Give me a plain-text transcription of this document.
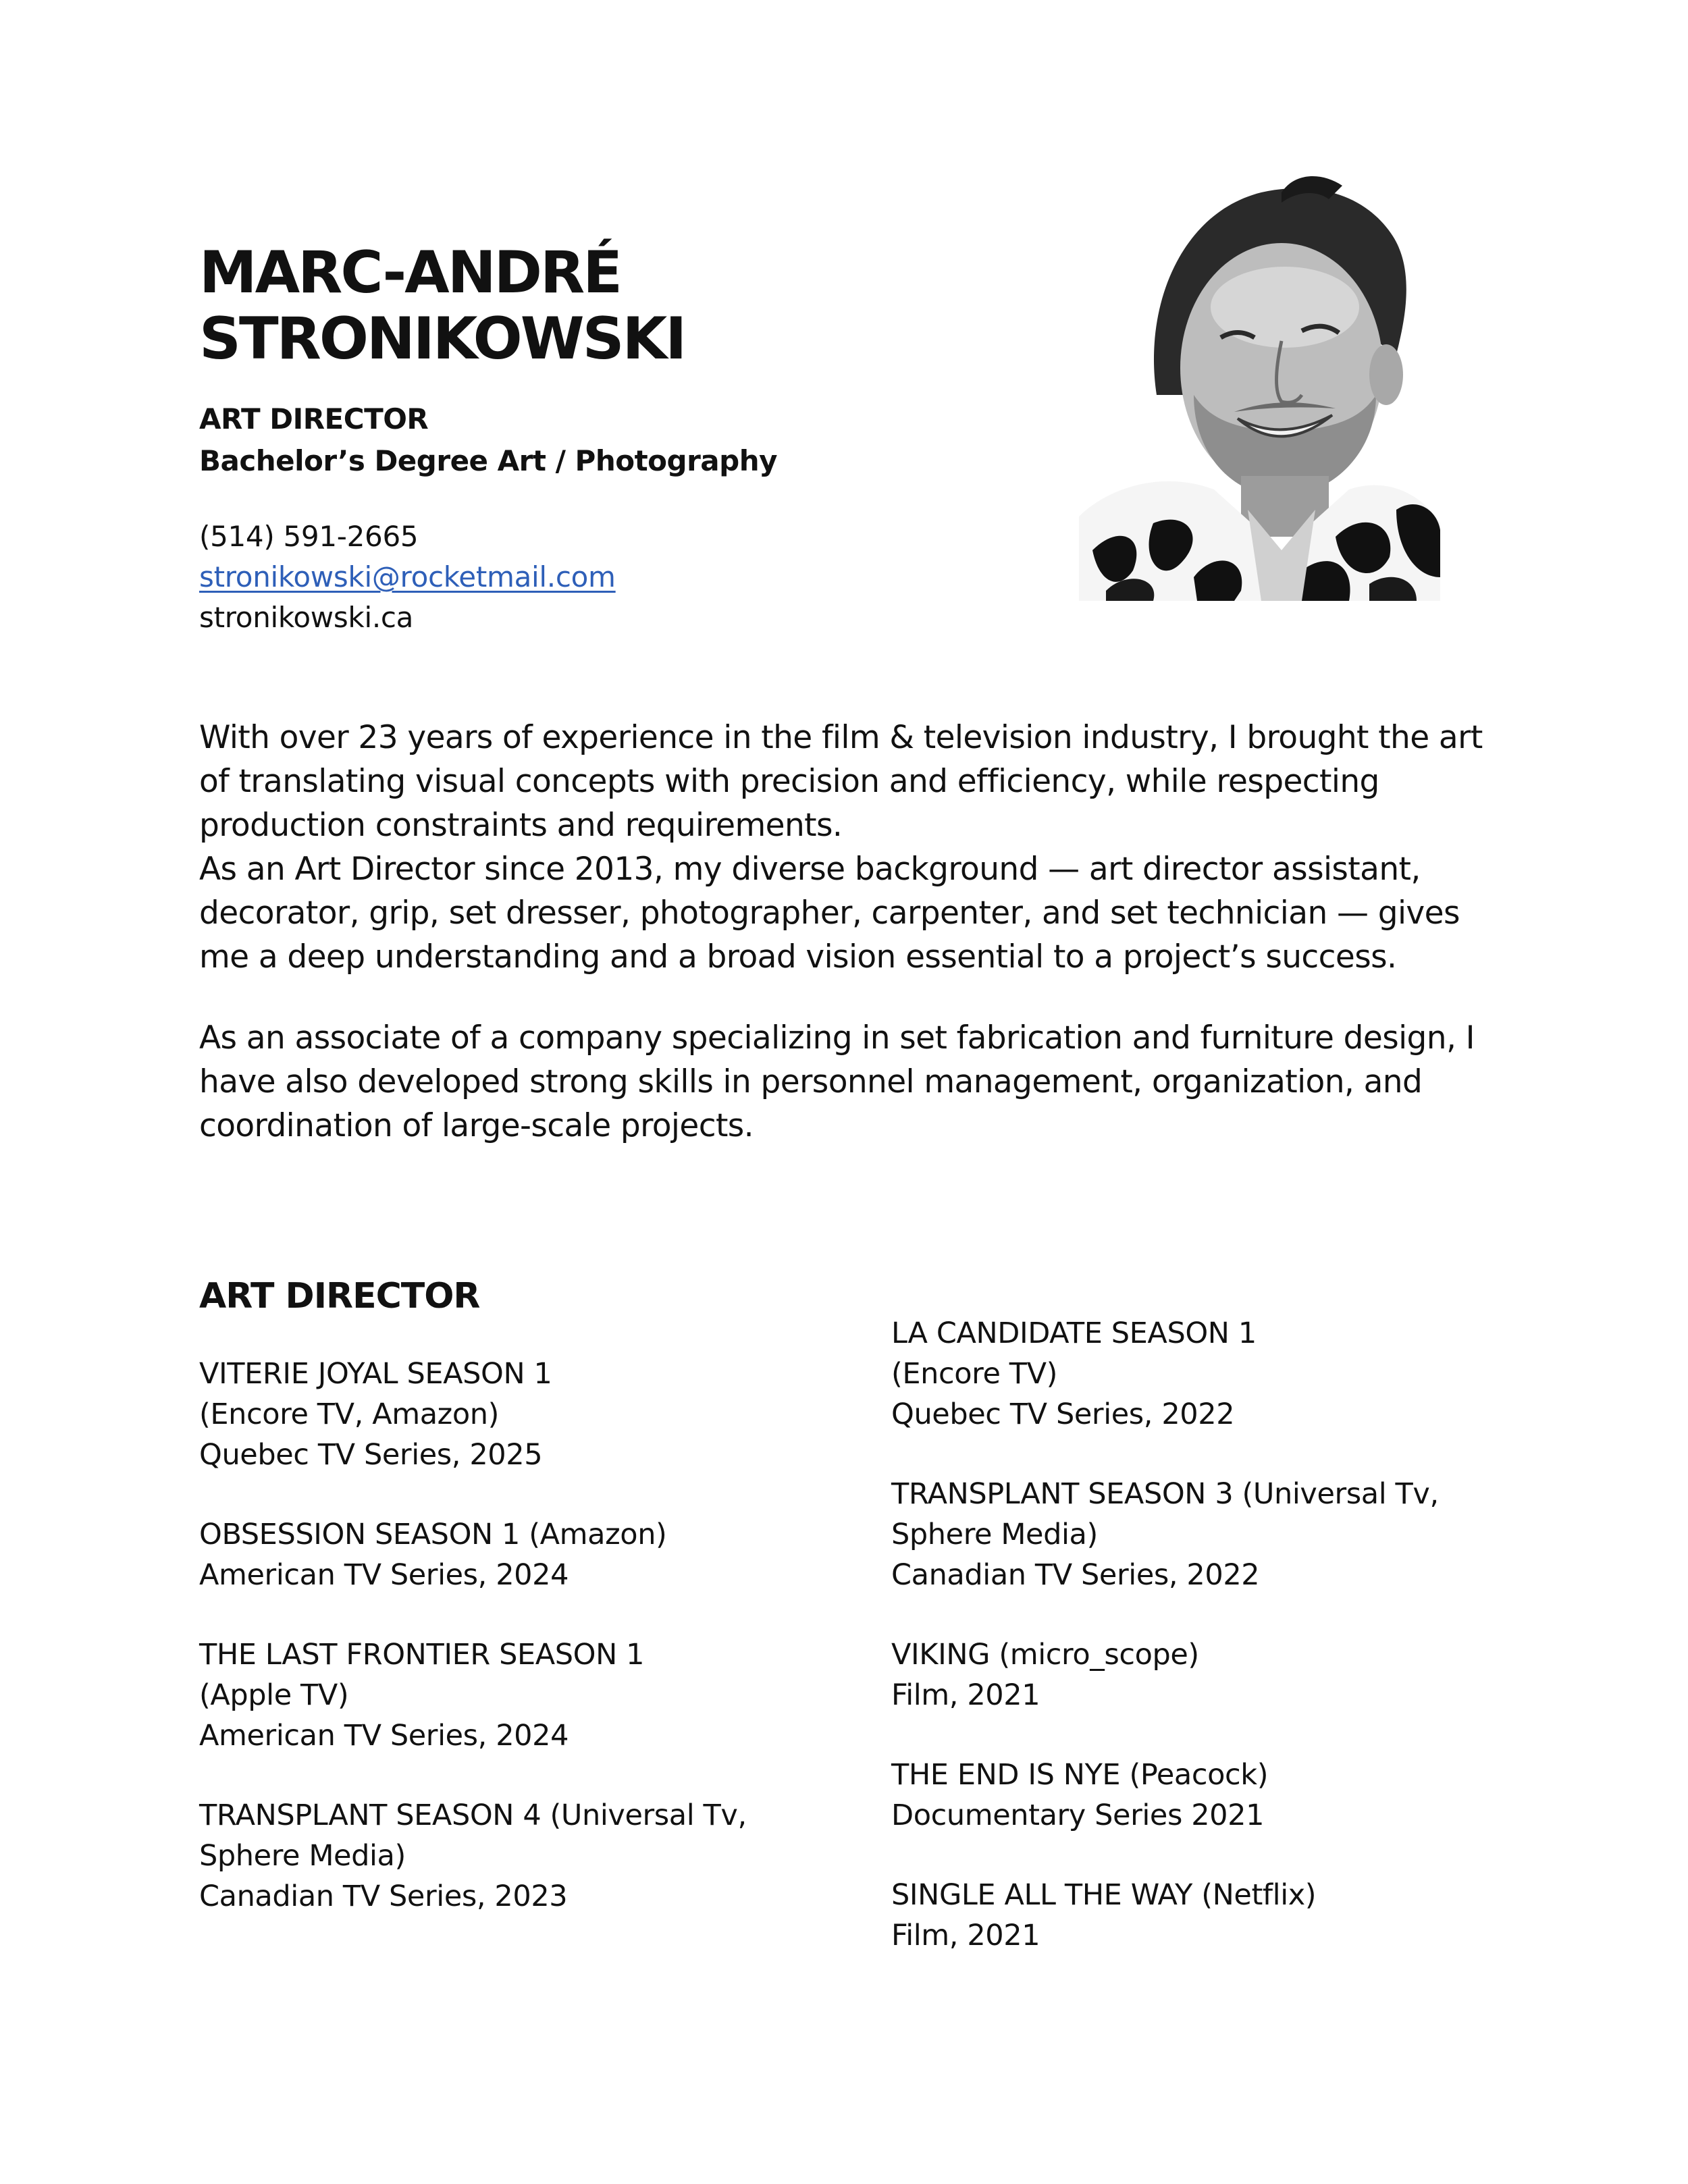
MARC-ANDRÉ
STRONIKOWSKI
ART DIRECTOR
Bachelor’s Degree Art / Photography
(514) 591-2665
stronikowski@rocketmail.com
stronikowski.ca

With over 23 years of experience in the film & television industry, I brought the art of translating visual concepts with precision and efficiency, while respecting production constraints and requirements.

As an Art Director since 2013, my diverse background — art director assistant, decorator, grip, set dresser, photographer, carpenter, and set technician — gives me a deep understanding and a broad vision essential to a project’s success.

As an associate of a company specializing in set fabrication and furniture design, I have also developed strong skills in personnel management, organization, and coordination of large-scale projects.

ART DIRECTOR
VITERIE JOYAL SEASON 1
(Encore TV, Amazon)
Quebec TV Series, 2025
OBSESSION SEASON 1 (Amazon)
American TV Series, 2024
THE LAST FRONTIER SEASON 1
(Apple TV)
American TV Series, 2024
TRANSPLANT SEASON 4 (Universal Tv,
Sphere Media)
Canadian TV Series, 2023
LA CANDIDATE SEASON 1
(Encore TV)
Quebec TV Series, 2022
TRANSPLANT SEASON 3 (Universal Tv,
Sphere Media)
Canadian TV Series, 2022
VIKING (micro_scope)
Film, 2021
THE END IS NYE (Peacock)
Documentary Series 2021
SINGLE ALL THE WAY (Netflix)
Film, 2021
